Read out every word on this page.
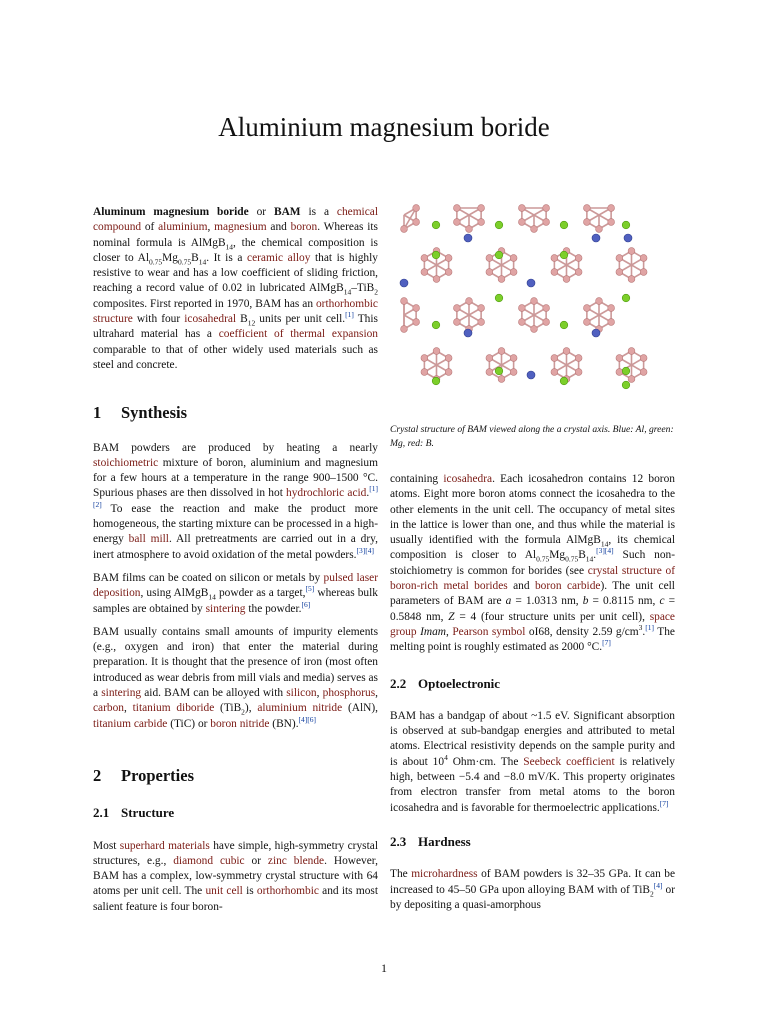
Aluminium magnesium boride

Aluminum magnesium boride or BAM is a chemical compound of aluminium, magnesium and boron. Whereas its nominal formula is AlMgB$_{14}$, the chemical composition is closer to $Al_{0.75}Mg_{0.75}B_{14}$. It is a ceramic alloy that is highly resistive to wear and has a low coefficient of sliding friction, reaching a record value of 0.02 in lubricated AlMgB$_{14}$–TiB$_2$ composites. First reported in 1970, BAM has an orthorhombic structure with four icosahedral $B_{12}$ units per unit cell.[1] This ultrahard material has a coefficient of thermal expansion comparable to that of other widely used materials such as steel and concrete.

1 Synthesis

BAM powders are produced by heating a nearly stoichiometric mixture of boron, aluminium and magnesium for a few hours at a temperature in the range 900–1500 °C. Spurious phases are then dissolved in hot hydrochloric acid.[1][2] To ease the reaction and make the product more homogeneous, the starting mixture can be processed in a high-energy ball mill. All pretreatments are carried out in a dry, inert atmosphere to avoid oxidation of the metal powders.[3][4]

BAM films can be coated on silicon or metals by pulsed laser deposition, using AlMgB$_{14}$ powder as a target,[5] whereas bulk samples are obtained by sintering the powder.[6]

BAM usually contains small amounts of impurity elements (e.g., oxygen and iron) that enter the material during preparation. It is thought that the presence of iron (most often introduced as wear debris from mill vials and media) serves as a sintering aid. BAM can be alloyed with silicon, phosphorus, carbon, titanium diboride (TiB$_2$), aluminium nitride (AlN), titanium carbide (TiC) or boron nitride (BN).[4][6]

2 Properties
2.1 Structure

Most superhard materials have simple, high-symmetry crystal structures, e.g., diamond cubic or zinc blende. However, BAM has a complex, low-symmetry crystal structure with 64 atoms per unit cell. The unit cell is orthorhombic and its most salient feature is four boron-

Crystal structure of BAM viewed along the a crystal axis. Blue: Al, green: Mg, red: B.

containing icosahedra. Each icosahedron contains 12 boron atoms. Eight more boron atoms connect the icosahedra to the other elements in the unit cell. The occupancy of metal sites in the lattice is lower than one, and thus while the material is usually identified with the formula AlMgB$_{14}$, its chemical composition is closer to $Al_{0.75}Mg_{0.75}B_{14}.[3][4]$ Such non-stoichiometry is common for borides (see crystal structure of boron-rich metal borides and boron carbide). The unit cell parameters of BAM are a = 1.0313 nm, b = 0.8115 nm, c = 0.5848 nm, Z = 4 (four structure units per unit cell), space group Imam, Pearson symbol oI68, density 2.59 $g/cm^3.[1]$ The melting point is roughly estimated as 2000 °C.[7]

2.2 Optoelectronic

BAM has a bandgap of about ~1.5 eV. Significant absorption is observed at sub-bandgap energies and attributed to metal atoms. Electrical resistivity depends on the sample purity and is about $10^4$ Ohm·cm. The Seebeck coefficient is relatively high, between −5.4 and −8.0 mV/K. This property originates from electron transfer from metal atoms to the boron icosahedra and is favorable for thermoelectric applications.[7]

2.3 Hardness

The microhardness of BAM powders is 32–35 GPa. It can be increased to 45–50 GPa upon alloying BAM with of TiB$_2$[4] or by depositing a quasi-amorphous

1
